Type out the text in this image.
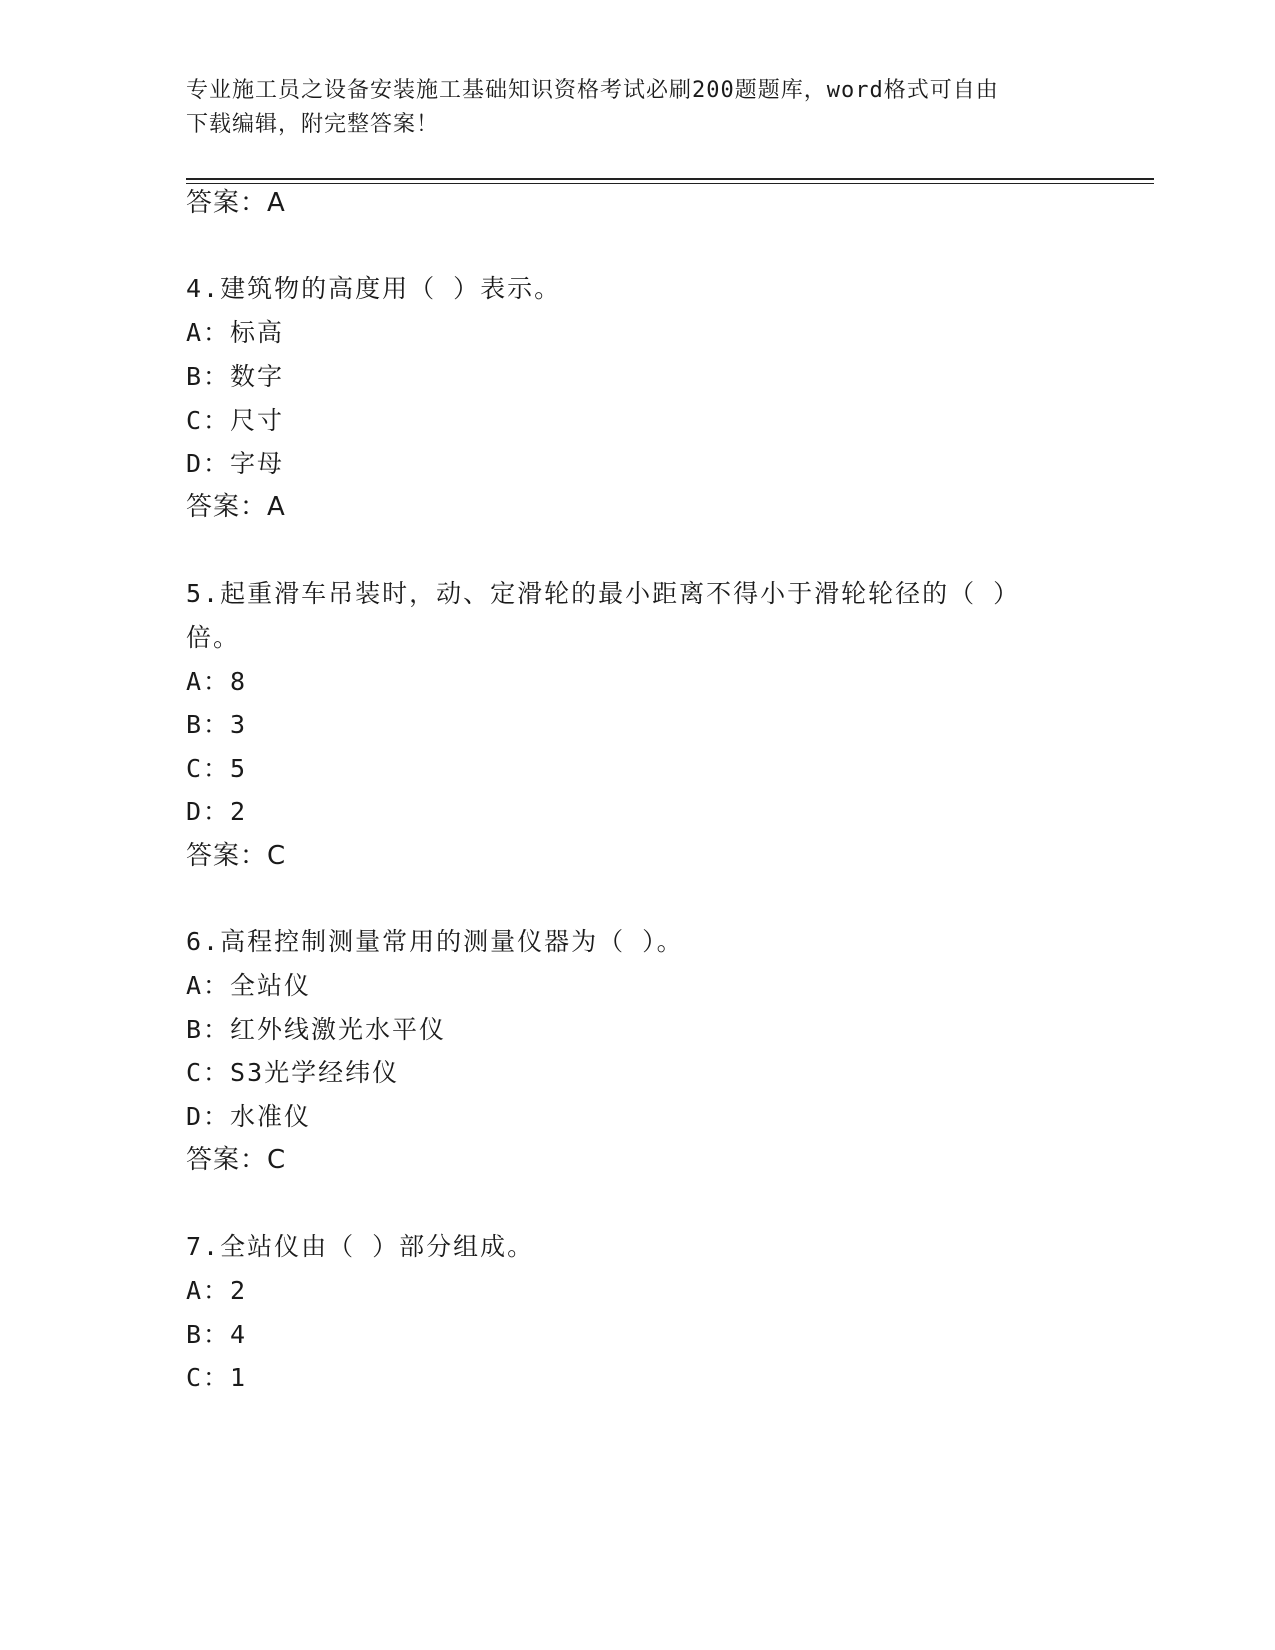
专业施工员之设备安装施工基础知识资格考试必刷200题题库，word格式可自由
下载编辑，附完整答案！
答案：A
4.建筑物的高度用（ ）表示。
A：标高
B：数字
C：尺寸
D：字母
答案：A
5.起重滑车吊装时，动、定滑轮的最小距离不得小于滑轮轮径的（ ）
倍。
A：8
B：3
C：5
D：2
答案：C
6.高程控制测量常用的测量仪器为（ ）。
A：全站仪
B：红外线激光水平仪
C：S3光学经纬仪
D：水准仪
答案：C
7.全站仪由（ ）部分组成。
A：2
B：4
C：1
